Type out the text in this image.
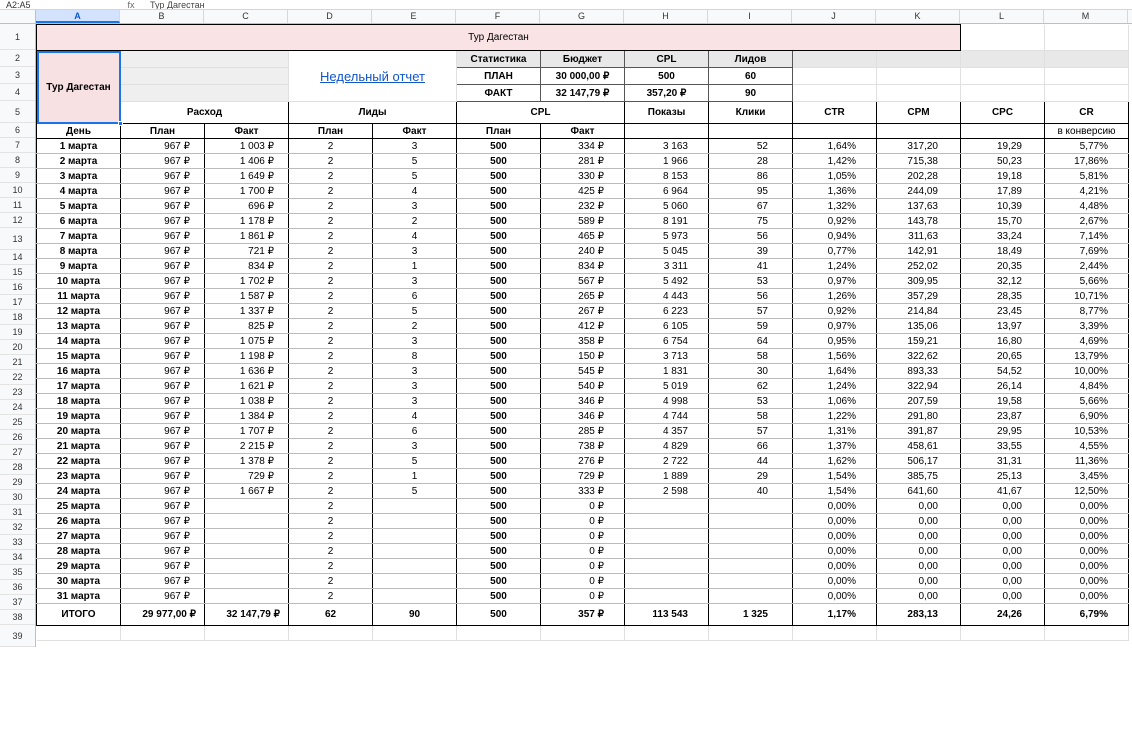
A2:A5	fx	Тур Дагестан
A	B	C	D	E	F	G	H	I	J	K	L	M
1
2
3
4
5
6
7
8
9
10
11
12
13
14
15
16
17
18
19
20
21
22
23
24
25
26
27
28
29
30
31
32
33
34
35
36
37
38
39
Тур Дагестан												
Тур Дагестан			Недельный отчет		Статистика	Бюджет	CPL	Лидов				
					ПЛАН	30 000,00 ₽	500	60				
					ФАКТ	32 147,79 ₽	357,20 ₽	90				
	Расход		Лиды		CPL		Показы	Клики	CTR	CPM	CPC	CR
День	План	Факт	План	Факт	План	Факт						в конверсию
1 марта	967 ₽	1 003 ₽	2	3	500	334 ₽	3 163	52	1,64%	317,20	19,29	5,77%
2 марта	967 ₽	1 406 ₽	2	5	500	281 ₽	1 966	28	1,42%	715,38	50,23	17,86%
3 марта	967 ₽	1 649 ₽	2	5	500	330 ₽	8 153	86	1,05%	202,28	19,18	5,81%
4 марта	967 ₽	1 700 ₽	2	4	500	425 ₽	6 964	95	1,36%	244,09	17,89	4,21%
5 марта	967 ₽	696 ₽	2	3	500	232 ₽	5 060	67	1,32%	137,63	10,39	4,48%
6 марта	967 ₽	1 178 ₽	2	2	500	589 ₽	8 191	75	0,92%	143,78	15,70	2,67%
7 марта	967 ₽	1 861 ₽	2	4	500	465 ₽	5 973	56	0,94%	311,63	33,24	7,14%
8 марта	967 ₽	721 ₽	2	3	500	240 ₽	5 045	39	0,77%	142,91	18,49	7,69%
9 марта	967 ₽	834 ₽	2	1	500	834 ₽	3 311	41	1,24%	252,02	20,35	2,44%
10 марта	967 ₽	1 702 ₽	2	3	500	567 ₽	5 492	53	0,97%	309,95	32,12	5,66%
11 марта	967 ₽	1 587 ₽	2	6	500	265 ₽	4 443	56	1,26%	357,29	28,35	10,71%
12 марта	967 ₽	1 337 ₽	2	5	500	267 ₽	6 223	57	0,92%	214,84	23,45	8,77%
13 марта	967 ₽	825 ₽	2	2	500	412 ₽	6 105	59	0,97%	135,06	13,97	3,39%
14 марта	967 ₽	1 075 ₽	2	3	500	358 ₽	6 754	64	0,95%	159,21	16,80	4,69%
15 марта	967 ₽	1 198 ₽	2	8	500	150 ₽	3 713	58	1,56%	322,62	20,65	13,79%
16 марта	967 ₽	1 636 ₽	2	3	500	545 ₽	1 831	30	1,64%	893,33	54,52	10,00%
17 марта	967 ₽	1 621 ₽	2	3	500	540 ₽	5 019	62	1,24%	322,94	26,14	4,84%
18 марта	967 ₽	1 038 ₽	2	3	500	346 ₽	4 998	53	1,06%	207,59	19,58	5,66%
19 марта	967 ₽	1 384 ₽	2	4	500	346 ₽	4 744	58	1,22%	291,80	23,87	6,90%
20 марта	967 ₽	1 707 ₽	2	6	500	285 ₽	4 357	57	1,31%	391,87	29,95	10,53%
21 марта	967 ₽	2 215 ₽	2	3	500	738 ₽	4 829	66	1,37%	458,61	33,55	4,55%
22 марта	967 ₽	1 378 ₽	2	5	500	276 ₽	2 722	44	1,62%	506,17	31,31	11,36%
23 марта	967 ₽	729 ₽	2	1	500	729 ₽	1 889	29	1,54%	385,75	25,13	3,45%
24 марта	967 ₽	1 667 ₽	2	5	500	333 ₽	2 598	40	1,54%	641,60	41,67	12,50%
25 марта	967 ₽		2		500	0 ₽			0,00%	0,00	0,00	0,00%
26 марта	967 ₽		2		500	0 ₽			0,00%	0,00	0,00	0,00%
27 марта	967 ₽		2		500	0 ₽			0,00%	0,00	0,00	0,00%
28 марта	967 ₽		2		500	0 ₽			0,00%	0,00	0,00	0,00%
29 марта	967 ₽		2		500	0 ₽			0,00%	0,00	0,00	0,00%
30 марта	967 ₽		2		500	0 ₽			0,00%	0,00	0,00	0,00%
31 марта	967 ₽		2		500	0 ₽			0,00%	0,00	0,00	0,00%
ИТОГО	29 977,00 ₽	32 147,79 ₽	62	90	500	357 ₽	113 543	1 325	1,17%	283,13	24,26	6,79%
